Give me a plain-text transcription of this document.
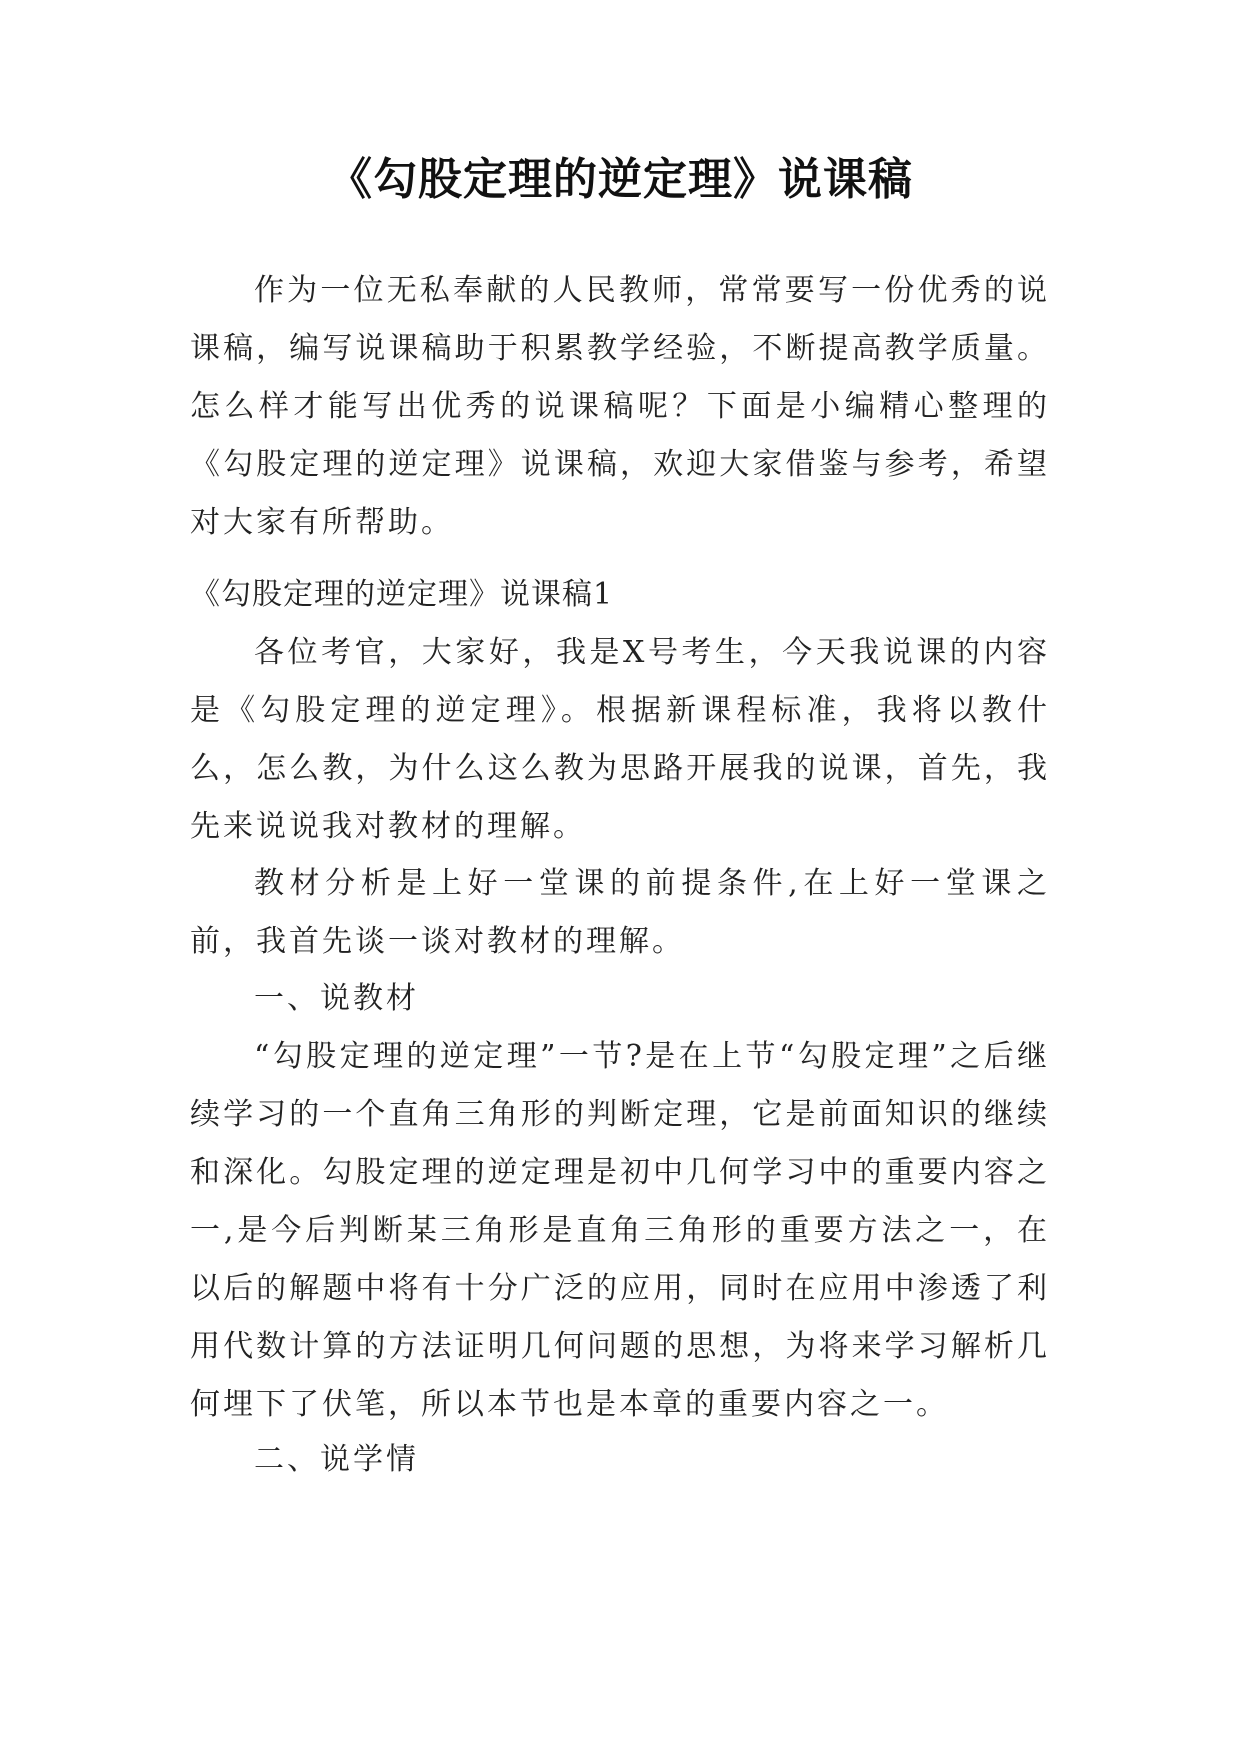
《勾股定理的逆定理》说课稿

作为一位无私奉献的人民教师，常常要写一份优秀的说课稿，编写说课稿助于积累教学经验，不断提高教学质量。怎么样才能写出优秀的说课稿呢？下面是小编精心整理的《勾股定理的逆定理》说课稿，欢迎大家借鉴与参考，希望对大家有所帮助。

《勾股定理的逆定理》说课稿1

各位考官，大家好，我是X号考生，今天我说课的内容是《勾股定理的逆定理》。根据新课程标准，我将以教什么，怎么教，为什么这么教为思路开展我的说课，首先，我先来说说我对教材的理解。

教材分析是上好一堂课的前提条件,在上好一堂课之前，我首先谈一谈对教材的理解。

一、说教材

“勾股定理的逆定理”一节?是在上节“勾股定理”之后继续学习的一个直角三角形的判断定理，它是前面知识的继续和深化。勾股定理的逆定理是初中几何学习中的重要内容之一,是今后判断某三角形是直角三角形的重要方法之一，在以后的解题中将有十分广泛的应用，同时在应用中渗透了利用代数计算的方法证明几何问题的思想，为将来学习解析几何埋下了伏笔，所以本节也是本章的重要内容之一。

二、说学情
